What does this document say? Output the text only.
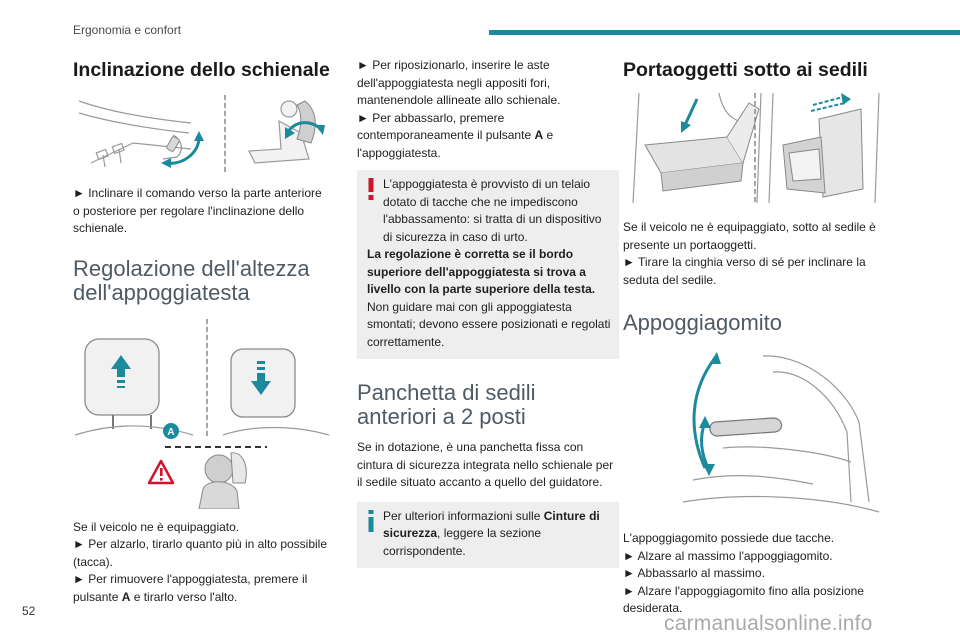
Ergonomia e confort
Inclinazione dello schienale
► Inclinare il comando verso la parte anteriore o posteriore per regolare l'inclinazione dello schienale.
Regolazione dell'altezza dell'appoggiatesta
A
Se il veicolo ne è equipaggiato.
► Per alzarlo, tirarlo quanto più in alto possibile (tacca).
► Per rimuovere l'appoggiatesta, premere il pulsante A e tirarlo verso l'alto.
► Per riposizionarlo, inserire le aste dell'appoggiatesta negli appositi fori, mantenendole allineate allo schienale.
► Per abbassarlo, premere contemporaneamente il pulsante A e l'appoggiatesta.
L'appoggiatesta è provvisto di un telaio dotato di tacche che ne impediscono l'abbassamento: si tratta di un dispositivo di sicurezza in caso di urto.
La regolazione è corretta se il bordo superiore dell'appoggiatesta si trova a livello con la parte superiore della testa.
Non guidare mai con gli appoggiatesta smontati; devono essere posizionati e regolati correttamente.
Panchetta di sedili anteriori a 2 posti
Se in dotazione, è una panchetta fissa con cintura di sicurezza integrata nello schienale per il sedile situato accanto a quello del guidatore.
Per ulteriori informazioni sulle Cinture di sicurezza, leggere la sezione corrispondente.
Portaoggetti sotto ai sedili
Se il veicolo ne è equipaggiato, sotto al sedile è presente un portaoggetti.
► Tirare la cinghia verso di sé per inclinare la seduta del sedile.
Appoggiagomito
L'appoggiagomito possiede due tacche.
► Alzare al massimo l'appoggiagomito.
► Abbassarlo al massimo.
► Alzare l'appoggiagomito fino alla posizione desiderata.
52
carmanualsonline.info
